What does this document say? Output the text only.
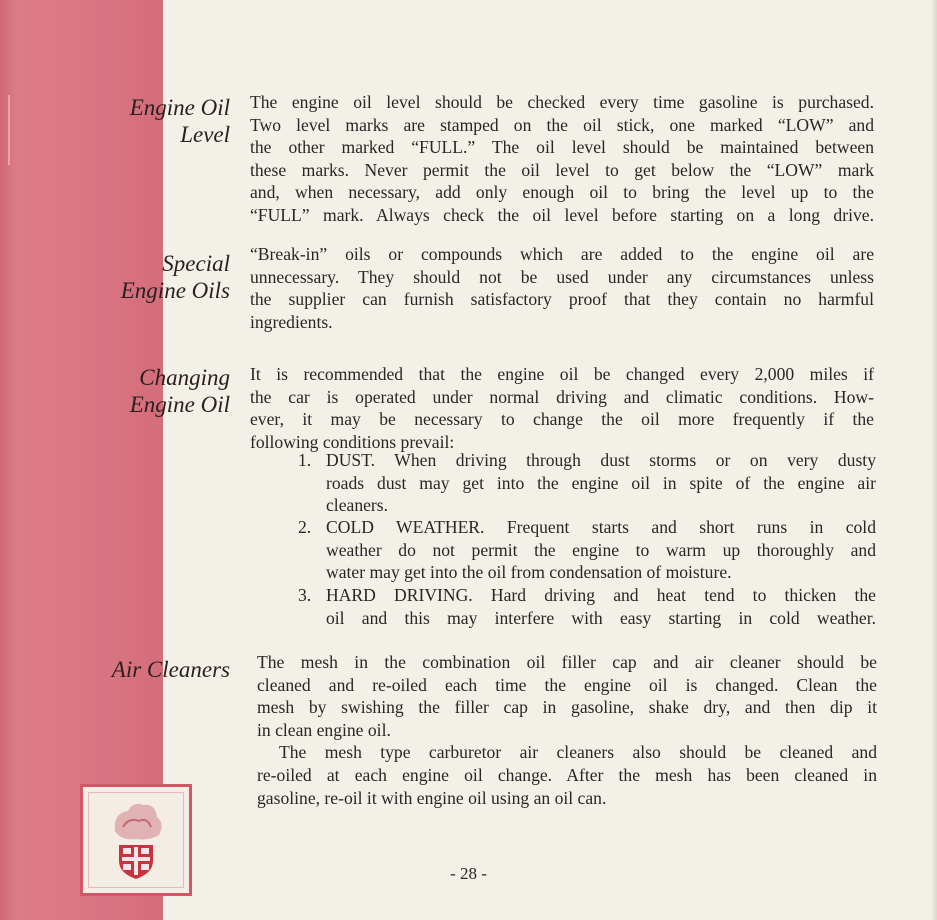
Engine Oil
Level
The engine oil level should be checked every time gasoline is purchased.
Two level marks are stamped on the oil stick, one marked “LOW” and
the other marked “FULL.” The oil level should be maintained between
these marks. Never permit the oil level to get below the “LOW” mark
and, when necessary, add only enough oil to bring the level up to the
“FULL” mark. Always check the oil level before starting on a long drive.
Special
Engine Oils
“Break-in” oils or compounds which are added to the engine oil are
unnecessary. They should not be used under any circumstances unless
the supplier can furnish satisfactory proof that they contain no harmful
ingredients.
Changing
Engine Oil
It is recommended that the engine oil be changed every 2,000 miles if
the car is operated under normal driving and climatic conditions. How-
ever, it may be necessary to change the oil more frequently if the
following conditions prevail:
1. DUST. When driving through dust storms or on very dusty
roads dust may get into the engine oil in spite of the engine air
cleaners.
2. COLD WEATHER. Frequent starts and short runs in cold
weather do not permit the engine to warm up thoroughly and
water may get into the oil from condensation of moisture.
3. HARD DRIVING. Hard driving and heat tend to thicken the
oil and this may interfere with easy starting in cold weather.
Air Cleaners The mesh in the combination oil filler cap and air cleaner should be
cleaned and re-oiled each time the engine oil is changed. Clean the
mesh by swishing the filler cap in gasoline, shake dry, and then dip it
in clean engine oil.
The mesh type carburetor air cleaners also should be cleaned and
re-oiled at each engine oil change. After the mesh has been cleaned in
gasoline, re-oil it with engine oil using an oil can.
- 28 -
